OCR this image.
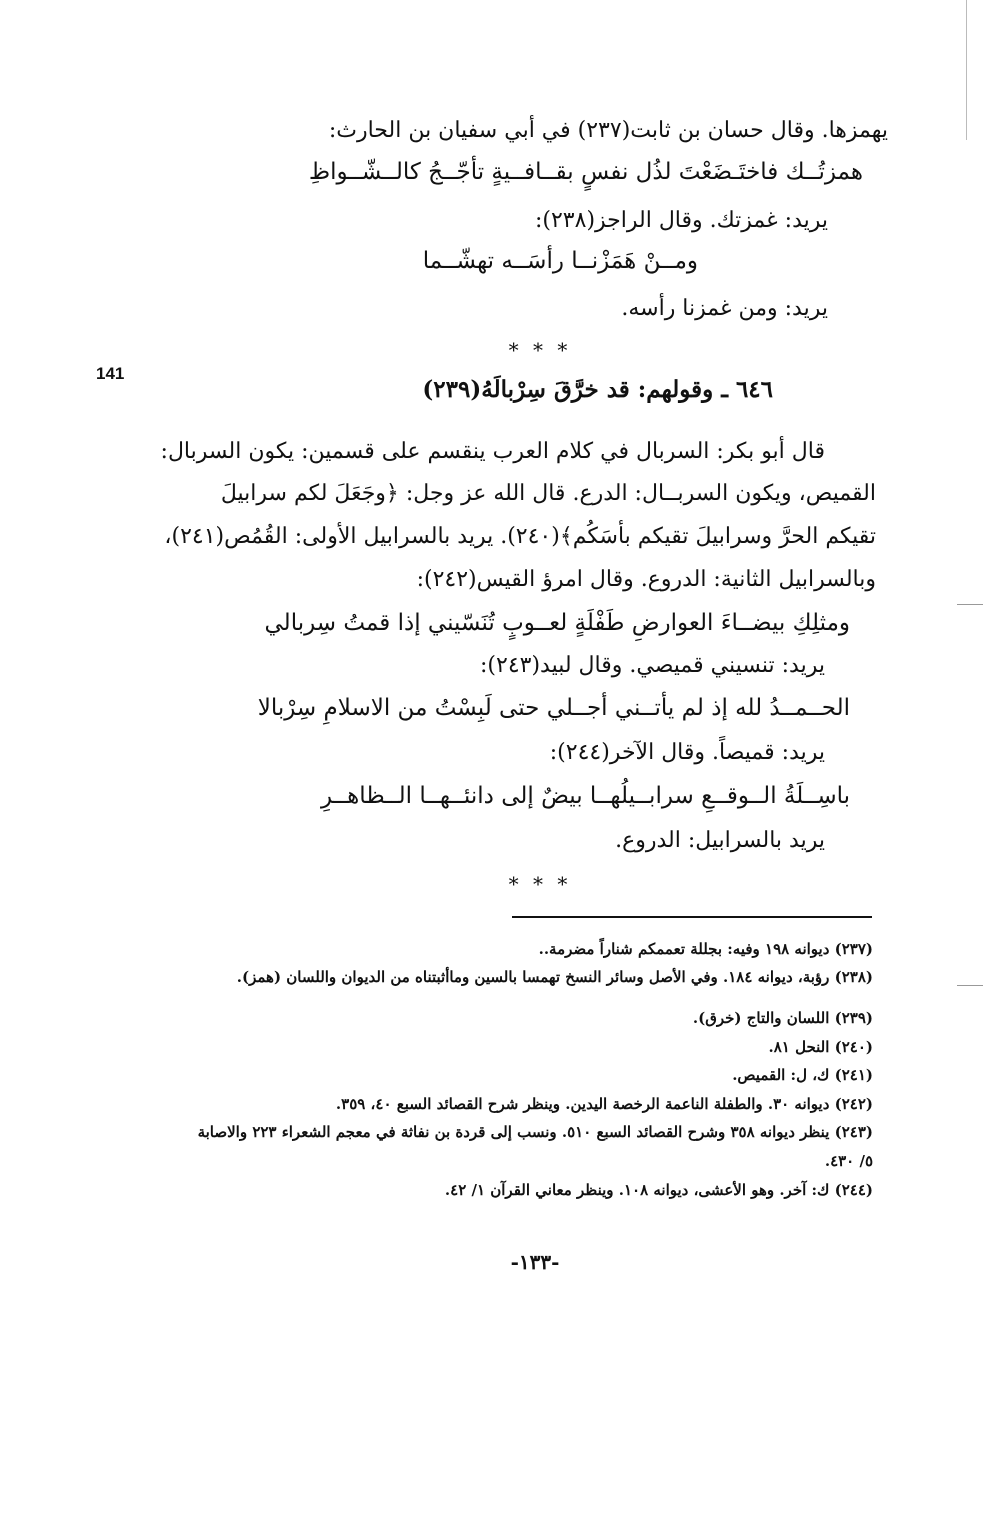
يهمزها. وقال حسان بن ثابت(٢٣٧) في أبي سفيان بن الحارث:
همزتُــك فاختَـضَعْتَ لذُل نفسٍ بقــافــيةٍ تأجّــجُ كالــشّــواظِ
يريد: غمزتك. وقال الراجز(٢٣٨):
ومــنْ هَمَزْنــا رأسَــه تهشّــما
يريد: ومن غمزنا رأسه.
* * *
141
٦٤٦ ـ وقولهم: قد خرَّقَ سِرْبالَهُ(٢٣٩)
قال أبو بكر: السربال في كلام العرب ينقسم على قسمين: يكون السربال:
القميص، ويكون السربــال: الدرع. قال الله عز وجل: ﴿وجَعَلَ لكم سرابيلَ
تقيكم الحرَّ وسرابيلَ تقيكم بأسَكُم﴾(٢٤٠). يريد بالسرابيل الأولى: القُمُص(٢٤١)،
وبالسرابيل الثانية: الدروع. وقال امرؤ القيس(٢٤٢):
ومثلِكِ بيضــاءَ العوارضِ طَفْلَةٍ لعــوبٍ تُنَسّيني إذا قمتُ سِربالي
يريد: تنسيني قميصي. وقال لبيد(٢٤٣):
الحــمــدُ لله إذ لم يأتــني أجــلي حتى لَبِسْتُ من الاسلامِ سِرْبالا
يريد: قميصاً. وقال الآخر(٢٤٤):
باسِــلَةُ الــوقــعِ سرابــيلُهــا بيضٌ إلى دانئــهــا الــظاهــرِ
يريد بالسرابيل: الدروع.
* * *
(٢٣٧) ديوانه ١٩٨ وفيه: بجللة تعممكم شناراً مضرمة..
(٢٣٨) رؤبة، ديوانه ١٨٤. وفي الأصل وسائر النسخ تهمسا بالسين وماأثبتناه من الديوان واللسان (همز).
(٢٣٩) اللسان والتاج (خرق).
(٢٤٠) النحل ٨١.
(٢٤١) ك، ل: القميص.
(٢٤٢) ديوانه ٣٠. والطفلة الناعمة الرخصة اليدين. وينظر شرح القصائد السبع ٤٠، ٣٥٩.
(٢٤٣) ينظر ديوانه ٣٥٨ وشرح القصائد السبع ٥١٠. ونسب إلى قردة بن نفاثة في معجم الشعراء ٢٢٣ والاصابة
٥/ ٤٣٠.
(٢٤٤) ك: آخر. وهو الأعشى، ديوانه ١٠٨. وينظر معاني القرآن ١/ ٤٢.
-١٣٣-
